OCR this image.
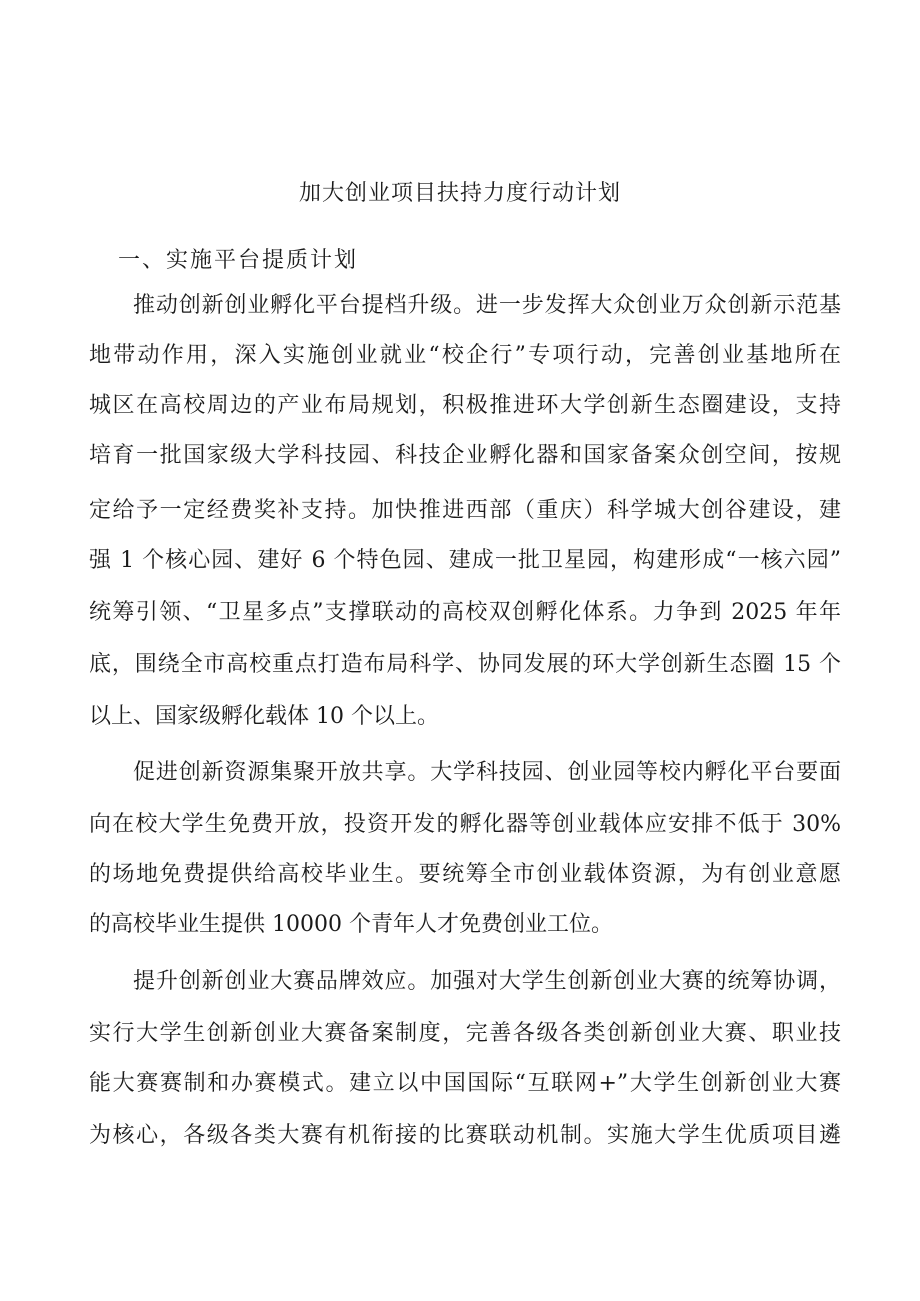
加大创业项目扶持力度行动计划
一、实施平台提质计划

推动创新创业孵化平台提档升级。进一步发挥大众创业万众创新示范基

地带动作用，深入实施创业就业“校企行”专项行动，完善创业基地所在

城区在高校周边的产业布局规划，积极推进环大学创新生态圈建设，支持

培育一批国家级大学科技园、科技企业孵化器和国家备案众创空间，按规

定给予一定经费奖补支持。加快推进西部（重庆）科学城大创谷建设，建

强 1 个核心园、建好 6 个特色园、建成一批卫星园，构建形成“一核六园”

统筹引领、“卫星多点”支撑联动的高校双创孵化体系。力争到 2025 年年

底，围绕全市高校重点打造布局科学、协同发展的环大学创新生态圈 15 个

以上、国家级孵化载体 10 个以上。

促进创新资源集聚开放共享。大学科技园、创业园等校内孵化平台要面

向在校大学生免费开放，投资开发的孵化器等创业载体应安排不低于 30%

的场地免费提供给高校毕业生。要统筹全市创业载体资源，为有创业意愿

的高校毕业生提供 10000 个青年人才免费创业工位。

提升创新创业大赛品牌效应。加强对大学生创新创业大赛的统筹协调，

实行大学生创新创业大赛备案制度，完善各级各类创新创业大赛、职业技

能大赛赛制和办赛模式。建立以中国国际“互联网+”大学生创新创业大赛

为核心，各级各类大赛有机衔接的比赛联动机制。实施大学生优质项目遴
